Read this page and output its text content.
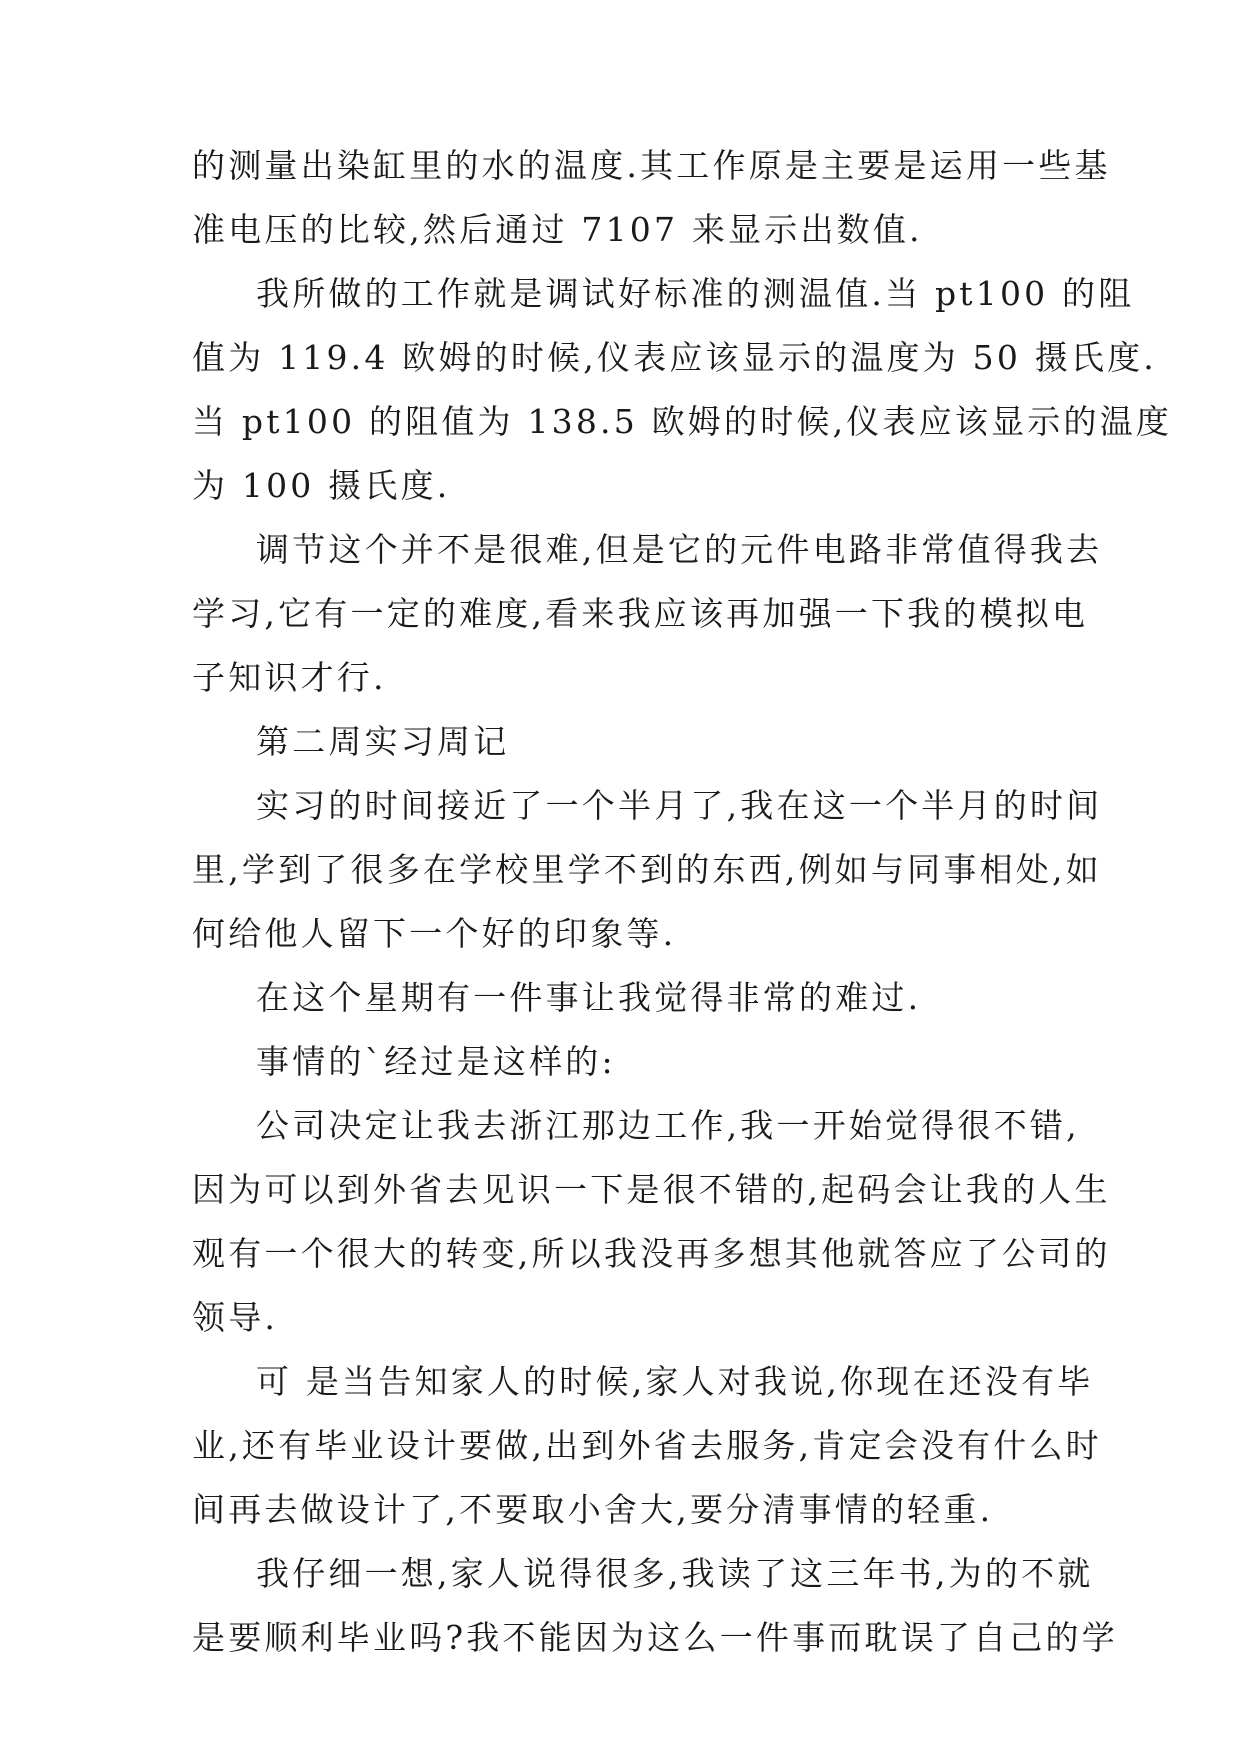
的测量出染缸里的水的温度.其工作原是主要是运用一些基
准电压的比较,然后通过 7107 来显示出数值.
我所做的工作就是调试好标准的测温值.当 pt100 的阻
值为 119.4 欧姆的时候,仪表应该显示的温度为 50 摄氏度.
当 pt100 的阻值为 138.5 欧姆的时候,仪表应该显示的温度
为 100 摄氏度.
调节这个并不是很难,但是它的元件电路非常值得我去
学习,它有一定的难度,看来我应该再加强一下我的模拟电
子知识才行.
第二周实习周记
实习的时间接近了一个半月了,我在这一个半月的时间
里,学到了很多在学校里学不到的东西,例如与同事相处,如
何给他人留下一个好的印象等.
在这个星期有一件事让我觉得非常的难过.
事情的`经过是这样的:
公司决定让我去浙江那边工作,我一开始觉得很不错,
因为可以到外省去见识一下是很不错的,起码会让我的人生
观有一个很大的转变,所以我没再多想其他就答应了公司的
领导.
可 是当告知家人的时候,家人对我说,你现在还没有毕
业,还有毕业设计要做,出到外省去服务,肯定会没有什么时
间再去做设计了,不要取小舍大,要分清事情的轻重.
我仔细一想,家人说得很多,我读了这三年书,为的不就
是要顺利毕业吗?我不能因为这么一件事而耽误了自己的学
